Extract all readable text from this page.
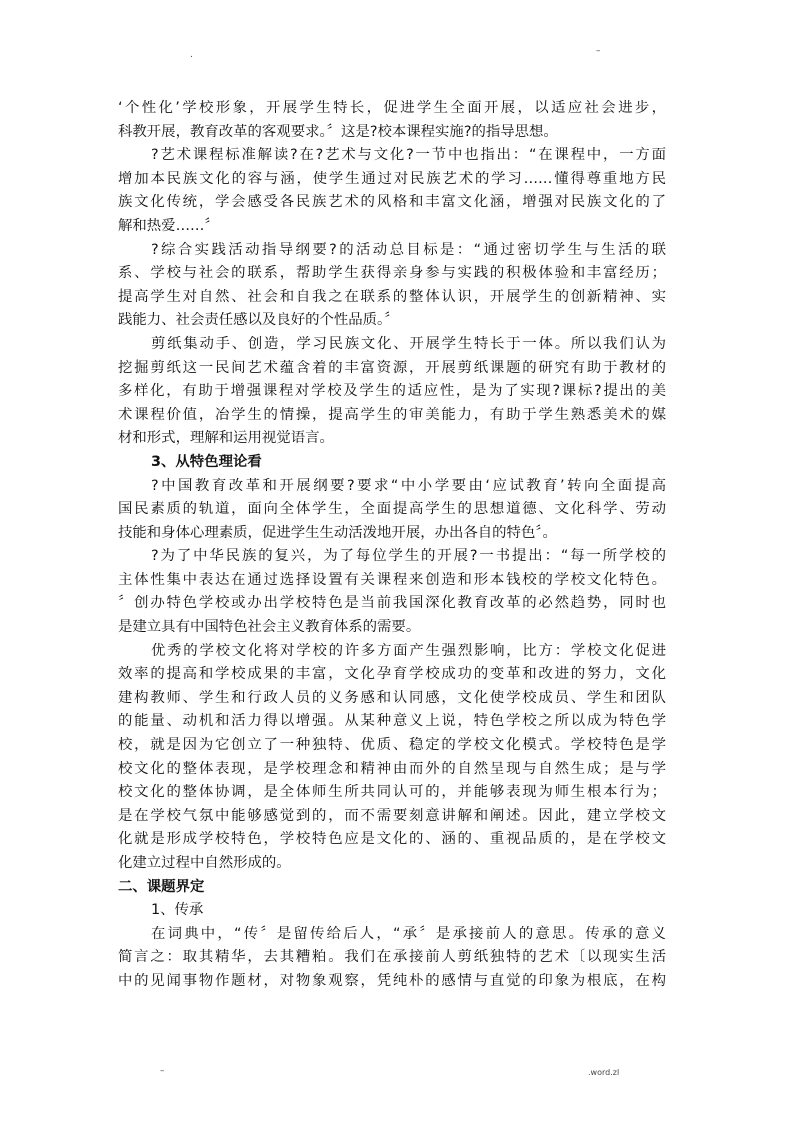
.	–
‘个性化’学校形象，开展学生特长，促进学生全面开展，以适应社会进步，
科教开展，教育改革的客观要求。〞这是?校本课程实施?的指导思想。
?艺术课程标准解读?在?艺术与文化?一节中也指出：“在课程中，一方面
增加本民族文化的容与涵，使学生通过对民族艺术的学习……懂得尊重地方民
族文化传统，学会感受各民族艺术的风格和丰富文化涵，增强对民族文化的了
解和热爱……〞
?综合实践活动指导纲要?的活动总目标是：“通过密切学生与生活的联
系、学校与社会的联系，帮助学生获得亲身参与实践的积极体验和丰富经历；
提高学生对自然、社会和自我之在联系的整体认识，开展学生的创新精神、实
践能力、社会责任感以及良好的个性品质。〞
剪纸集动手、创造，学习民族文化、开展学生特长于一体。所以我们认为
挖掘剪纸这一民间艺术蕴含着的丰富资源，开展剪纸课题的研究有助于教材的
多样化，有助于增强课程对学校及学生的适应性，是为了实现?课标?提出的美
术课程价值，冶学生的情操，提高学生的审美能力，有助于学生熟悉美术的媒
材和形式，理解和运用视觉语言。
3、从特色理论看
?中国教育改革和开展纲要?要求“中小学要由‘应试教育’转向全面提高
国民素质的轨道，面向全体学生，全面提高学生的思想道德、文化科学、劳动
技能和身体心理素质，促进学生生动活泼地开展，办出各自的特色〞。
?为了中华民族的复兴，为了每位学生的开展?一书提出：“每一所学校的
主体性集中表达在通过选择设置有关课程来创造和形本钱校的学校文化特色。
〞创办特色学校或办出学校特色是当前我国深化教育改革的必然趋势，同时也
是建立具有中国特色社会主义教育体系的需要。
优秀的学校文化将对学校的许多方面产生强烈影响，比方：学校文化促进
效率的提高和学校成果的丰富，文化孕育学校成功的变革和改进的努力，文化
建构教师、学生和行政人员的义务感和认同感，文化使学校成员、学生和团队
的能量、动机和活力得以增强。从某种意义上说，特色学校之所以成为特色学
校，就是因为它创立了一种独特、优质、稳定的学校文化模式。学校特色是学
校文化的整体表现，是学校理念和精神由而外的自然呈现与自然生成；是与学
校文化的整体协调，是全体师生所共同认可的，并能够表现为师生根本行为；
是在学校气氛中能够感觉到的，而不需要刻意讲解和阐述。因此，建立学校文
化就是形成学校特色，学校特色应是文化的、涵的、重视品质的，是在学校文
化建立过程中自然形成的。
二、课题界定
1、传承
在词典中，“传〞是留传给后人，“承〞是承接前人的意思。传承的意义
简言之：取其精华，去其糟粕。我们在承接前人剪纸独特的艺术〔以现实生活
中的见闻事物作题材，对物象观察，凭纯朴的感情与直觉的印象为根底，在构
–	.word.zl
